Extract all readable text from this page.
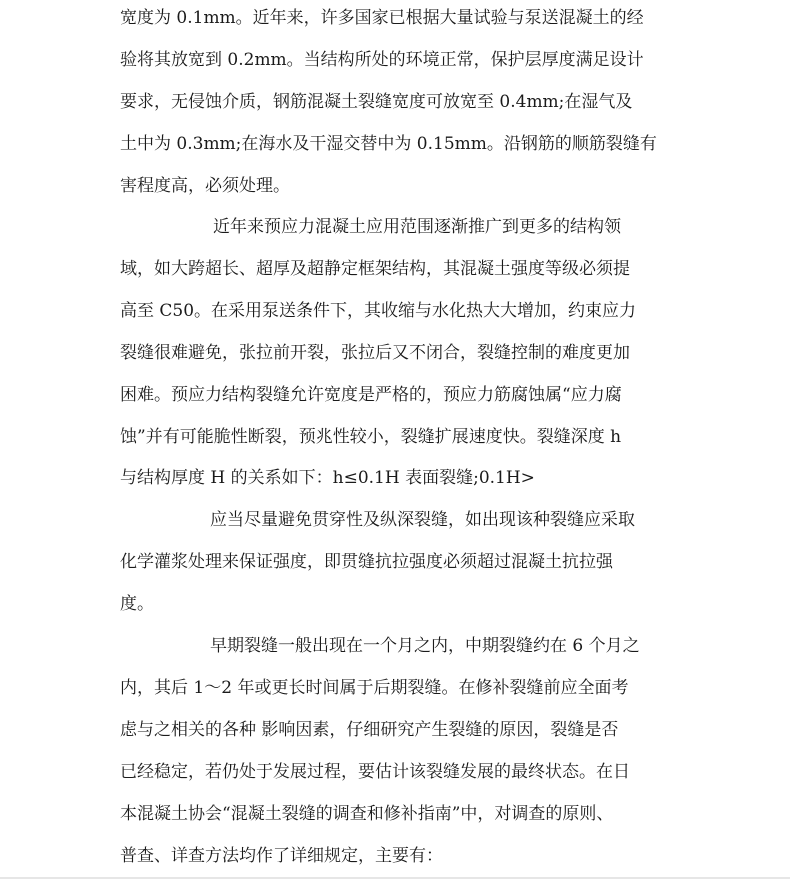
宽度为 0.1mm。近年来，许多国家已根据大量试验与泵送混凝土的经
验将其放宽到 0.2mm。当结构所处的环境正常，保护层厚度满足设计
要求，无侵蚀介质，钢筋混凝土裂缝宽度可放宽至 0.4mm;在湿气及
土中为 0.3mm;在海水及干湿交替中为 0.15mm。沿钢筋的顺筋裂缝有
害程度高，必须处理。
近年来预应力混凝土应用范围逐渐推广到更多的结构领
域，如大跨超长、超厚及超静定框架结构，其混凝土强度等级必须提
高至 C50。在采用泵送条件下，其收缩与水化热大大增加，约束应力
裂缝很难避免，张拉前开裂，张拉后又不闭合，裂缝控制的难度更加
困难。预应力结构裂缝允许宽度是严格的，预应力筋腐蚀属“应力腐
蚀”并有可能脆性断裂，预兆性较小，裂缝扩展速度快。裂缝深度 h
与结构厚度 H 的关系如下：h≤0.1H 表面裂缝;0.1H>
应当尽量避免贯穿性及纵深裂缝，如出现该种裂缝应采取
化学灌浆处理来保证强度，即贯缝抗拉强度必须超过混凝土抗拉强
度。
早期裂缝一般出现在一个月之内，中期裂缝约在 6 个月之
内，其后 1～2 年或更长时间属于后期裂缝。在修补裂缝前应全面考
虑与之相关的各种 影响因素，仔细研究产生裂缝的原因，裂缝是否
已经稳定，若仍处于发展过程，要估计该裂缝发展的最终状态。在日
本混凝土协会“混凝土裂缝的调查和修补指南”中，对调查的原则、
普查、详查方法均作了详细规定，主要有：
